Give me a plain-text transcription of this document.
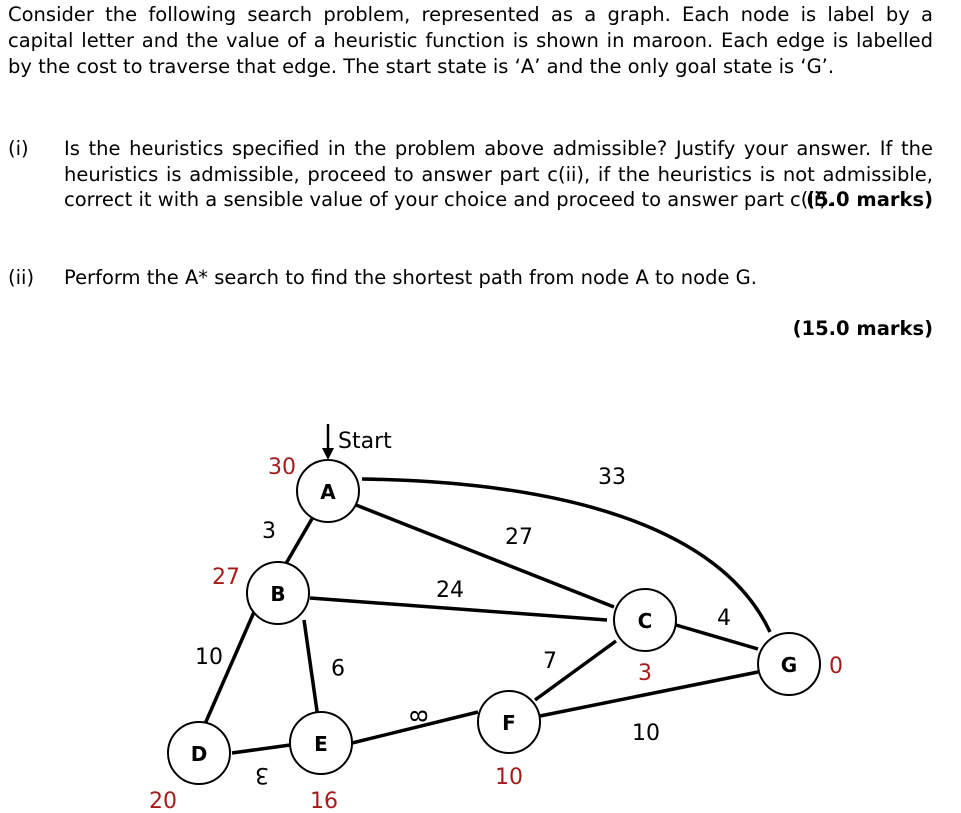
Consider the following search problem, represented as a graph. Each node is label by a capital letter and the value of a heuristic function is shown in maroon. Each edge is labelled by the cost to traverse that edge. The start state is ‘A’ and the only goal state is ‘G’.
(i) Is the heuristics specified in the problem above admissible? Justify your answer. If the heuristics is admissible, proceed to answer part c(ii), if the heuristics is not admissible, correct it with a sensible value of your choice and proceed to answer part c(ii).
(5.0 marks)
(ii) Perform the A* search to find the shortest path from node A to node G.
(15.0 marks)
Start
A
B
C
D	E
F
G
30
27
3
20	16
10
0
3	27
33
24
10	9
4
7
3
8
10
